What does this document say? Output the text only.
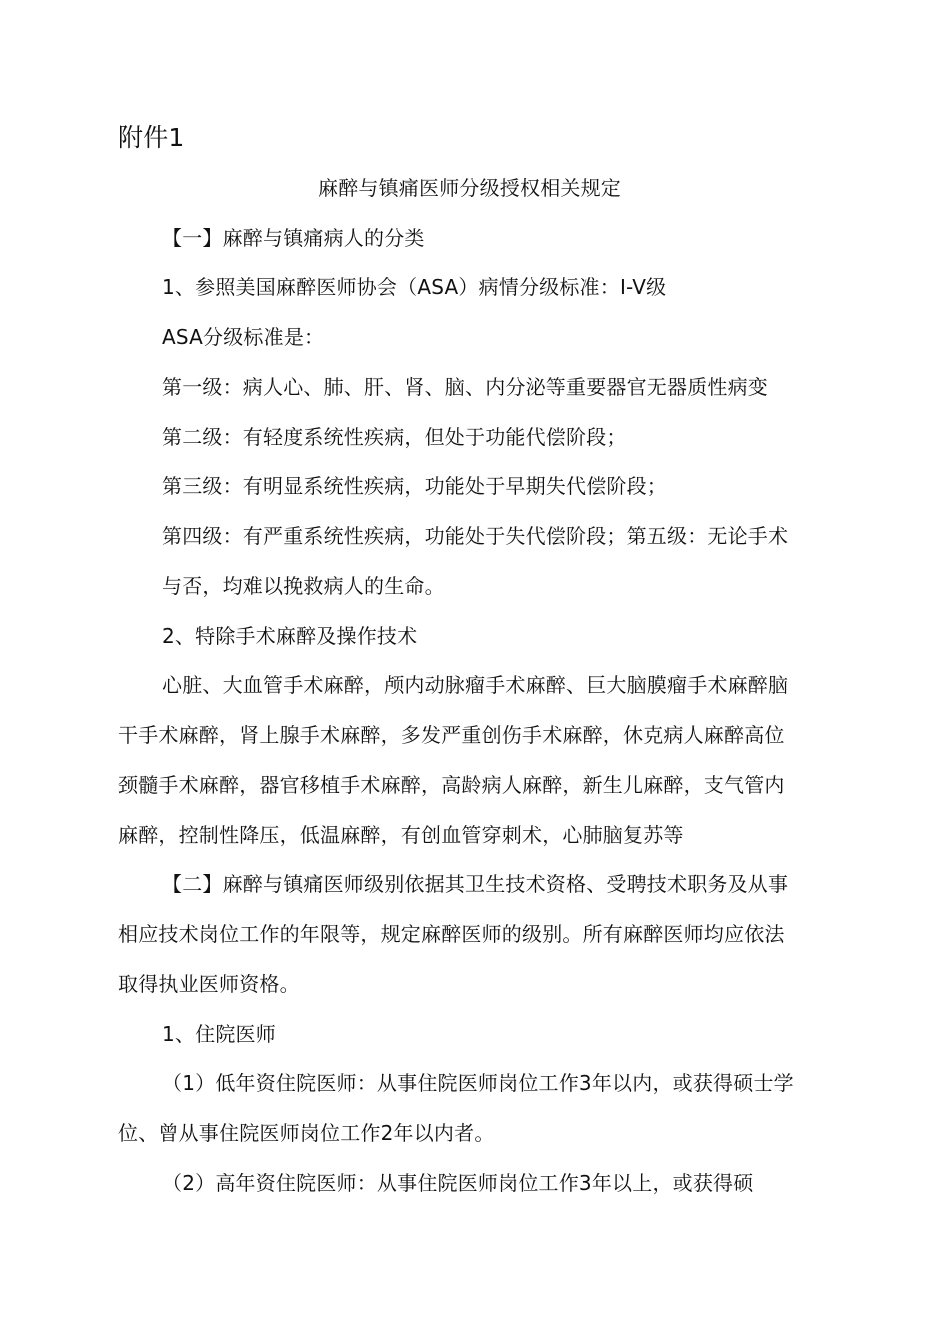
附件1
麻醉与镇痛医师分级授权相关规定
【一】麻醉与镇痛病人的分类
1、参照美国麻醉医师协会（ASA）病情分级标准：I-V级
ASA分级标准是：
第一级：病人心、肺、肝、肾、脑、内分泌等重要器官无器质性病变
第二级：有轻度系统性疾病，但处于功能代偿阶段；
第三级：有明显系统性疾病，功能处于早期失代偿阶段；
第四级：有严重系统性疾病，功能处于失代偿阶段；第五级：无论手术
与否，均难以挽救病人的生命。
2、特除手术麻醉及操作技术
心脏、大血管手术麻醉，颅内动脉瘤手术麻醉、巨大脑膜瘤手术麻醉脑
干手术麻醉，肾上腺手术麻醉，多发严重创伤手术麻醉，休克病人麻醉高位
颈髓手术麻醉，器官移植手术麻醉，高龄病人麻醉，新生儿麻醉，支气管内
麻醉，控制性降压，低温麻醉，有创血管穿刺术，心肺脑复苏等
【二】麻醉与镇痛医师级别依据其卫生技术资格、受聘技术职务及从事
相应技术岗位工作的年限等，规定麻醉医师的级别。所有麻醉医师均应依法
取得执业医师资格。
1、住院医师
（1）低年资住院医师：从事住院医师岗位工作3年以内，或获得硕士学
位、曾从事住院医师岗位工作2年以内者。
（2）高年资住院医师：从事住院医师岗位工作3年以上，或获得硕
